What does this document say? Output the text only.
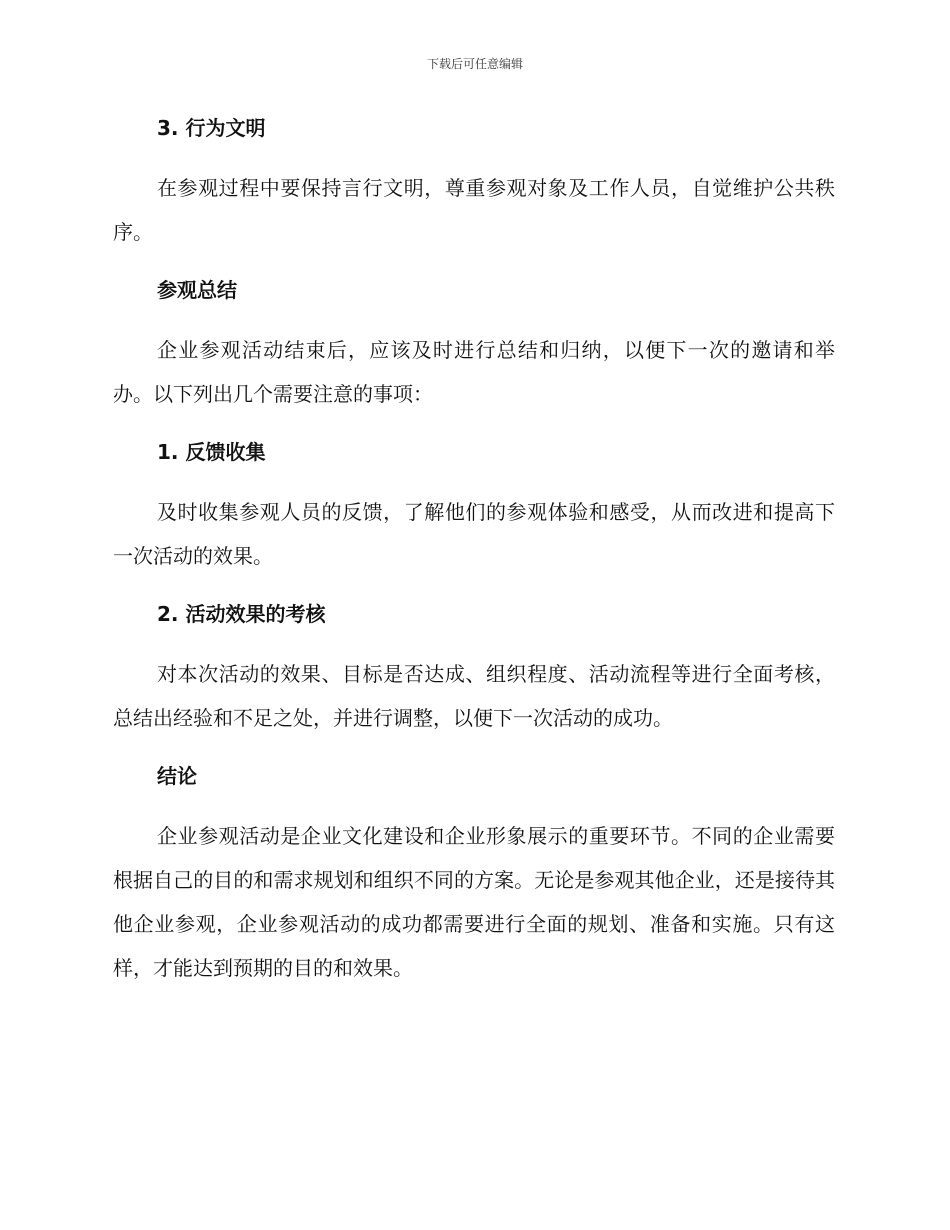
下载后可任意编辑
3. 行为文明

在参观过程中要保持言行文明，尊重参观对象及工作人员，自觉维护公共秩序。

参观总结

企业参观活动结束后，应该及时进行总结和归纳，以便下一次的邀请和举办。以下列出几个需要注意的事项：

1. 反馈收集

及时收集参观人员的反馈，了解他们的参观体验和感受，从而改进和提高下一次活动的效果。

2. 活动效果的考核

对本次活动的效果、目标是否达成、组织程度、活动流程等进行全面考核，总结出经验和不足之处，并进行调整，以便下一次活动的成功。

结论

企业参观活动是企业文化建设和企业形象展示的重要环节。不同的企业需要根据自己的目的和需求规划和组织不同的方案。无论是参观其他企业，还是接待其他企业参观，企业参观活动的成功都需要进行全面的规划、准备和实施。只有这样，才能达到预期的目的和效果。
